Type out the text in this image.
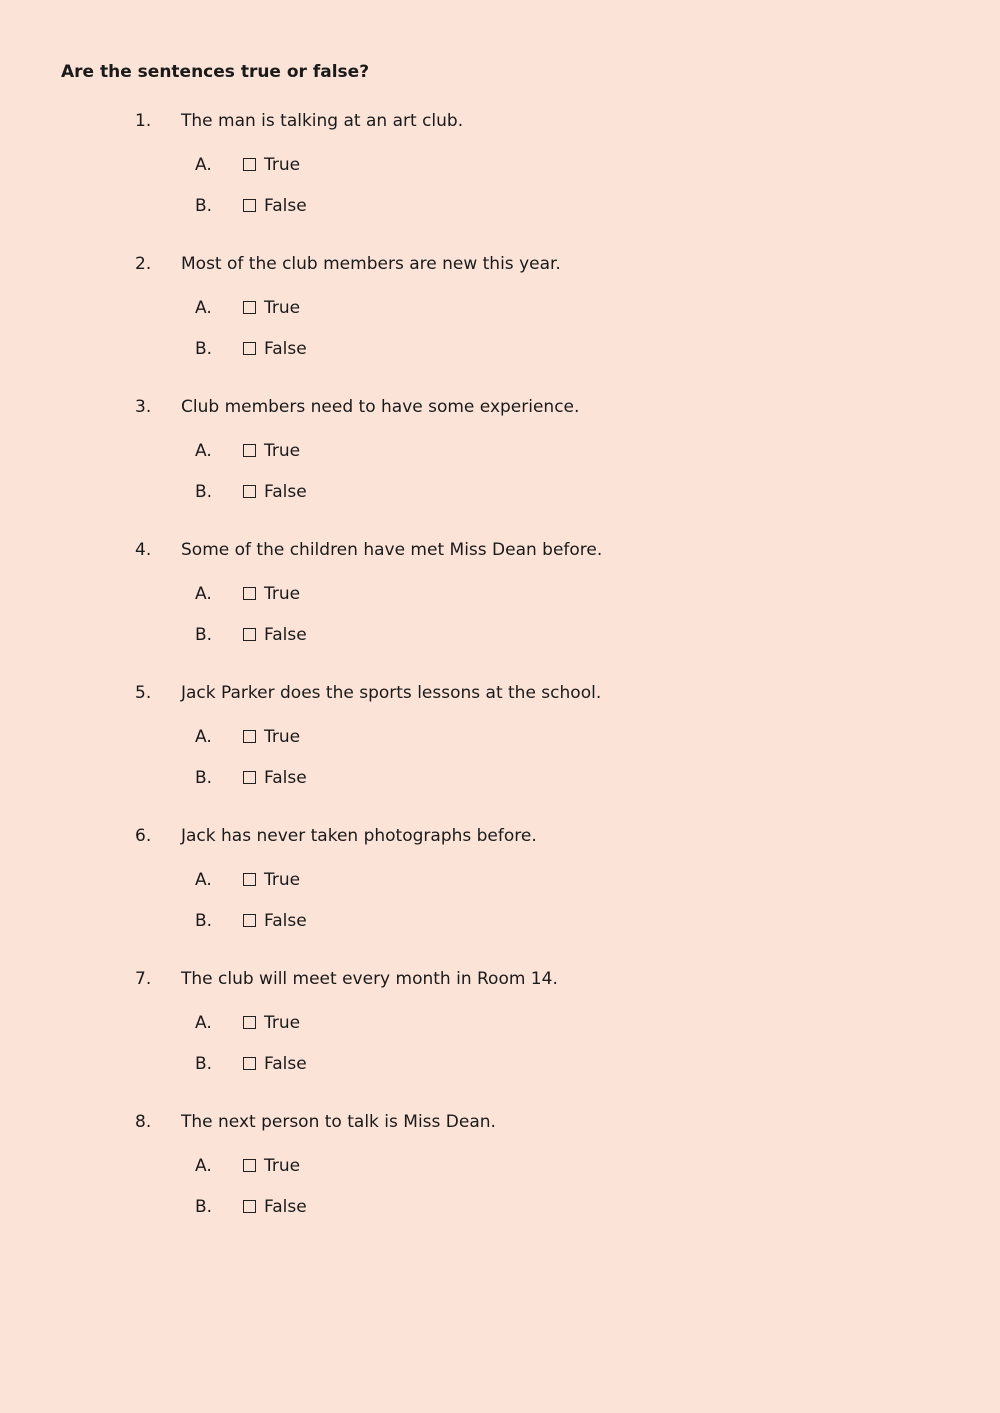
Are the sentences true or false?
1. The man is talking at an art club.
A.	True
B.	False
2. Most of the club members are new this year.
A.	True
B.	False
3. Club members need to have some experience.
A.	True
B.	False
4. Some of the children have met Miss Dean before.
A.	True
B.	False
5. Jack Parker does the sports lessons at the school.
A.	True
B.	False
6. Jack has never taken photographs before.
A.	True
B.	False
7. The club will meet every month in Room 14.
A.	True
B.	False
8. The next person to talk is Miss Dean.
A.	True
B.	False
